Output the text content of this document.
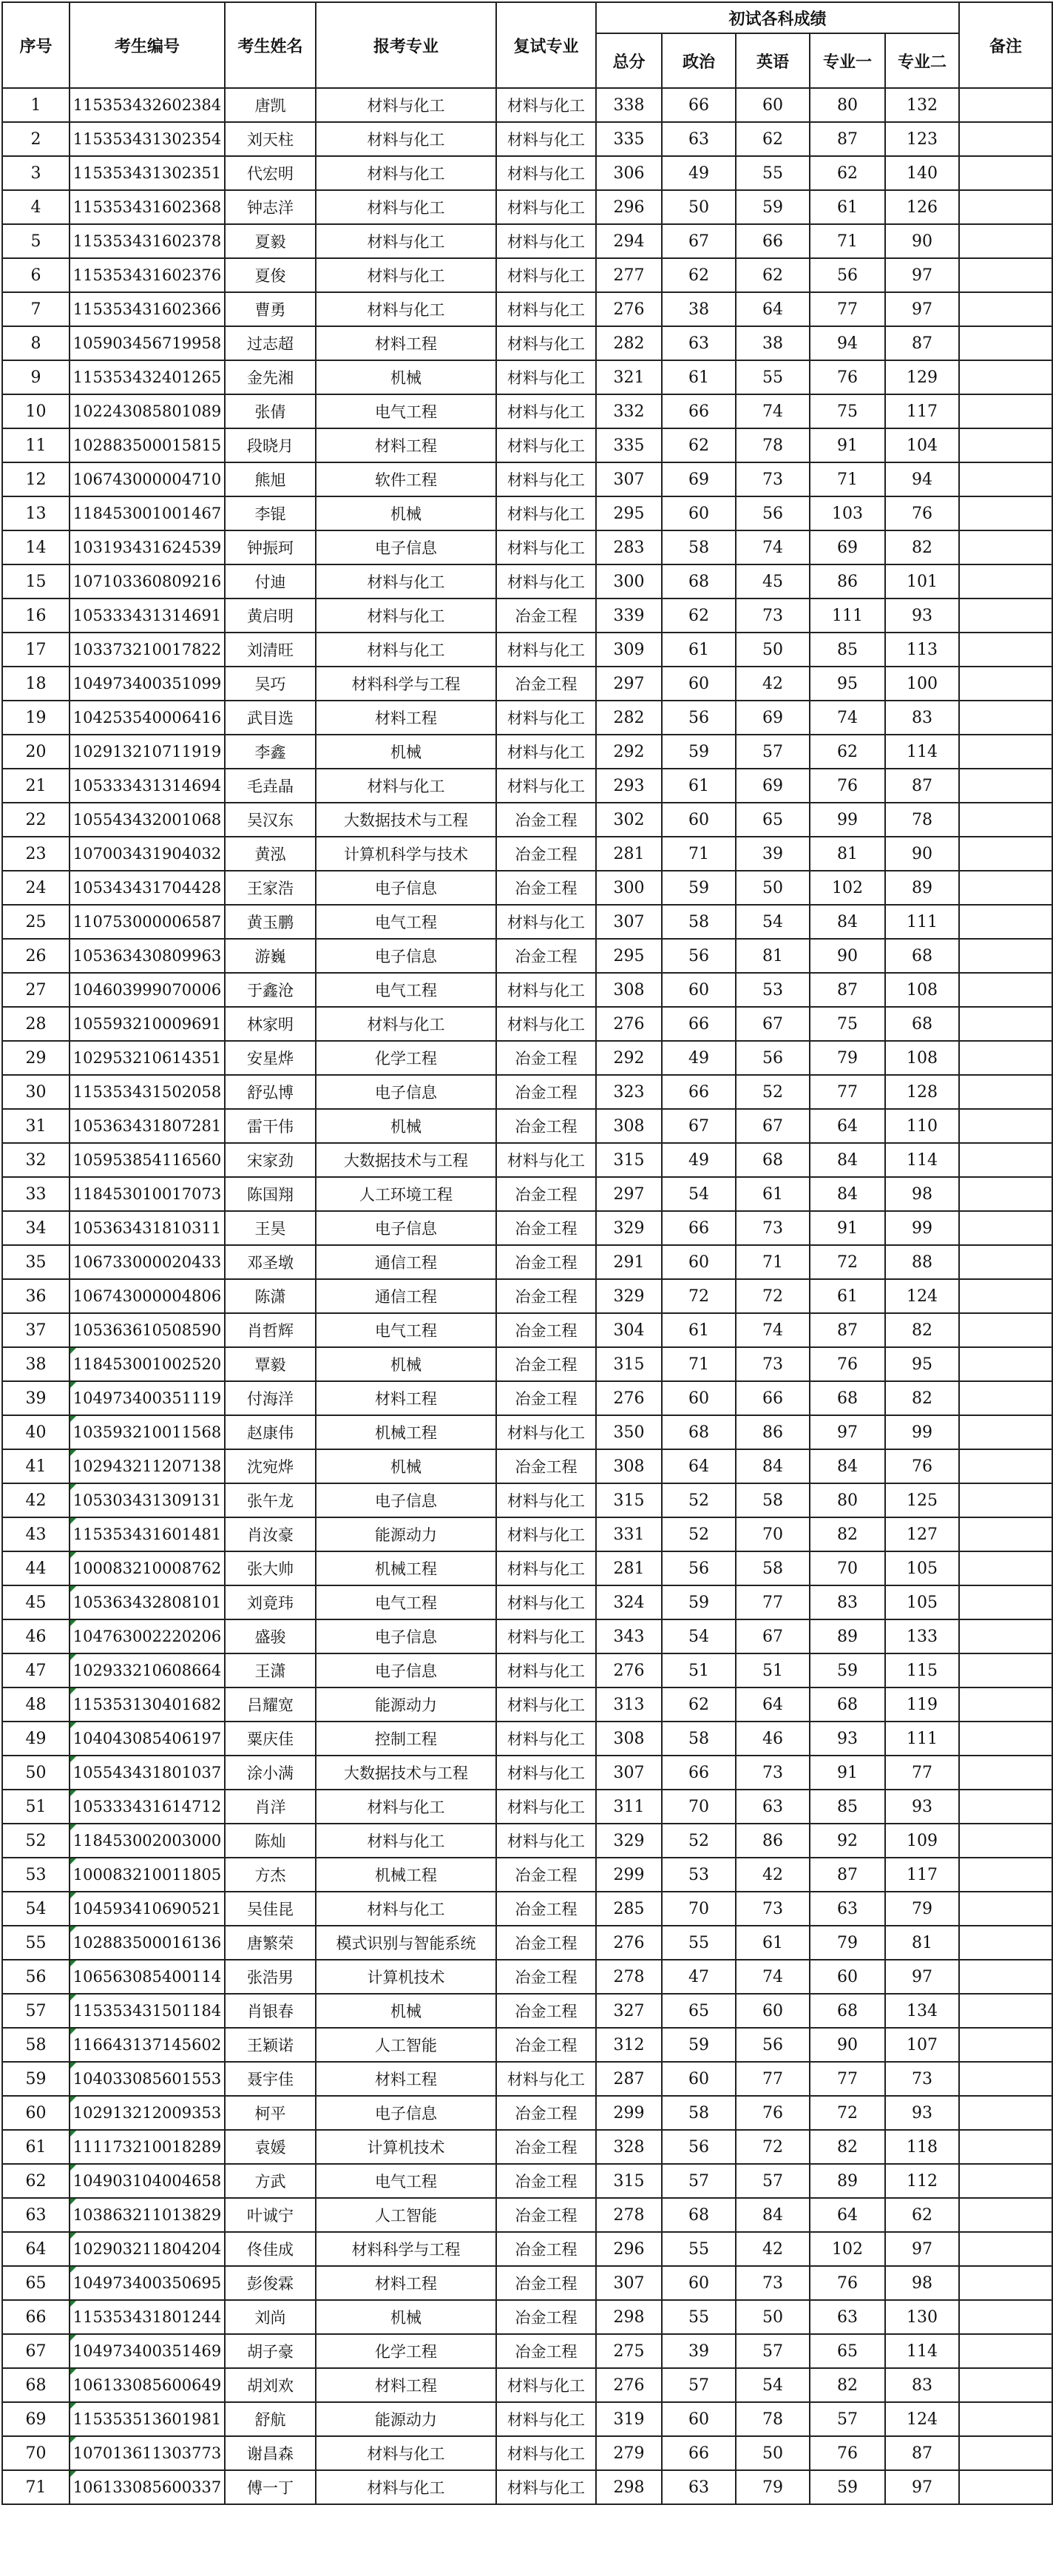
序号	考生编号	考生姓名	报考专业	复试专业	初试各科成绩					备注
					总分	政治	英语	专业一	专业二	
1	115353432602384	唐凯	材料与化工	材料与化工	338	66	60	80	132	
2	115353431302354	刘天柱	材料与化工	材料与化工	335	63	62	87	123	
3	115353431302351	代宏明	材料与化工	材料与化工	306	49	55	62	140	
4	115353431602368	钟志洋	材料与化工	材料与化工	296	50	59	61	126	
5	115353431602378	夏毅	材料与化工	材料与化工	294	67	66	71	90	
6	115353431602376	夏俊	材料与化工	材料与化工	277	62	62	56	97	
7	115353431602366	曹勇	材料与化工	材料与化工	276	38	64	77	97	
8	105903456719958	过志超	材料工程	材料与化工	282	63	38	94	87	
9	115353432401265	金先湘	机械	材料与化工	321	61	55	76	129	
10	102243085801089	张倩	电气工程	材料与化工	332	66	74	75	117	
11	102883500015815	段晓月	材料工程	材料与化工	335	62	78	91	104	
12	106743000004710	熊旭	软件工程	材料与化工	307	69	73	71	94	
13	118453001001467	李锟	机械	材料与化工	295	60	56	103	76	
14	103193431624539	钟振珂	电子信息	材料与化工	283	58	74	69	82	
15	107103360809216	付迪	材料与化工	材料与化工	300	68	45	86	101	
16	105333431314691	黄启明	材料与化工	冶金工程	339	62	73	111	93	
17	103373210017822	刘清旺	材料与化工	材料与化工	309	61	50	85	113	
18	104973400351099	吴巧	材料科学与工程	冶金工程	297	60	42	95	100	
19	104253540006416	武目选	材料工程	材料与化工	282	56	69	74	83	
20	102913210711919	李鑫	机械	材料与化工	292	59	57	62	114	
21	105333431314694	毛垚晶	材料与化工	材料与化工	293	61	69	76	87	
22	105543432001068	吴汉东	大数据技术与工程	冶金工程	302	60	65	99	78	
23	107003431904032	黄泓	计算机科学与技术	冶金工程	281	71	39	81	90	
24	105343431704428	王家浩	电子信息	冶金工程	300	59	50	102	89	
25	110753000006587	黄玉鹏	电气工程	材料与化工	307	58	54	84	111	
26	105363430809963	游巍	电子信息	冶金工程	295	56	81	90	68	
27	104603999070006	于鑫沧	电气工程	材料与化工	308	60	53	87	108	
28	105593210009691	林家明	材料与化工	材料与化工	276	66	67	75	68	
29	102953210614351	安星烨	化学工程	冶金工程	292	49	56	79	108	
30	115353431502058	舒弘博	电子信息	冶金工程	323	66	52	77	128	
31	105363431807281	雷干伟	机械	冶金工程	308	67	67	64	110	
32	105953854116560	宋家劲	大数据技术与工程	材料与化工	315	49	68	84	114	
33	118453010017073	陈国翔	人工环境工程	冶金工程	297	54	61	84	98	
34	105363431810311	王昊	电子信息	冶金工程	329	66	73	91	99	
35	106733000020433	邓圣墩	通信工程	冶金工程	291	60	71	72	88	
36	106743000004806	陈潇	通信工程	冶金工程	329	72	72	61	124	
37	105363610508590	肖哲辉	电气工程	冶金工程	304	61	74	87	82	
38	118453001002520	覃毅	机械	冶金工程	315	71	73	76	95	
39	104973400351119	付海洋	材料工程	冶金工程	276	60	66	68	82	
40	103593210011568	赵康伟	机械工程	材料与化工	350	68	86	97	99	
41	102943211207138	沈宛烨	机械	冶金工程	308	64	84	84	76	
42	105303431309131	张午龙	电子信息	材料与化工	315	52	58	80	125	
43	115353431601481	肖汝豪	能源动力	材料与化工	331	52	70	82	127	
44	100083210008762	张大帅	机械工程	材料与化工	281	56	58	70	105	
45	105363432808101	刘竟玮	电气工程	材料与化工	324	59	77	83	105	
46	104763002220206	盛骏	电子信息	材料与化工	343	54	67	89	133	
47	102933210608664	王潇	电子信息	材料与化工	276	51	51	59	115	
48	115353130401682	吕耀宽	能源动力	材料与化工	313	62	64	68	119	
49	104043085406197	粟庆佳	控制工程	材料与化工	308	58	46	93	111	
50	105543431801037	涂小满	大数据技术与工程	材料与化工	307	66	73	91	77	
51	105333431614712	肖洋	材料与化工	材料与化工	311	70	63	85	93	
52	118453002003000	陈灿	材料与化工	材料与化工	329	52	86	92	109	
53	100083210011805	方杰	机械工程	冶金工程	299	53	42	87	117	
54	104593410690521	吴佳昆	材料与化工	冶金工程	285	70	73	63	79	
55	102883500016136	唐繁荣	模式识别与智能系统	冶金工程	276	55	61	79	81	
56	106563085400114	张浩男	计算机技术	冶金工程	278	47	74	60	97	
57	115353431501184	肖银春	机械	冶金工程	327	65	60	68	134	
58	116643137145602	王颖诺	人工智能	冶金工程	312	59	56	90	107	
59	104033085601553	聂宇佳	材料工程	材料与化工	287	60	77	77	73	
60	102913212009353	柯平	电子信息	冶金工程	299	58	76	72	93	
61	111173210018289	袁媛	计算机技术	冶金工程	328	56	72	82	118	
62	104903104004658	方武	电气工程	冶金工程	315	57	57	89	112	
63	103863211013829	叶诚宁	人工智能	冶金工程	278	68	84	64	62	
64	102903211804204	佟佳成	材料科学与工程	冶金工程	296	55	42	102	97	
65	104973400350695	彭俊霖	材料工程	冶金工程	307	60	73	76	98	
66	115353431801244	刘尚	机械	冶金工程	298	55	50	63	130	
67	104973400351469	胡子豪	化学工程	冶金工程	275	39	57	65	114	
68	106133085600649	胡刘欢	材料工程	材料与化工	276	57	54	82	83	
69	115353513601981	舒航	能源动力	材料与化工	319	60	78	57	124	
70	107013611303773	谢昌森	材料与化工	材料与化工	279	66	50	76	87	
71	106133085600337	傅一丁	材料与化工	材料与化工	298	63	79	59	97	
